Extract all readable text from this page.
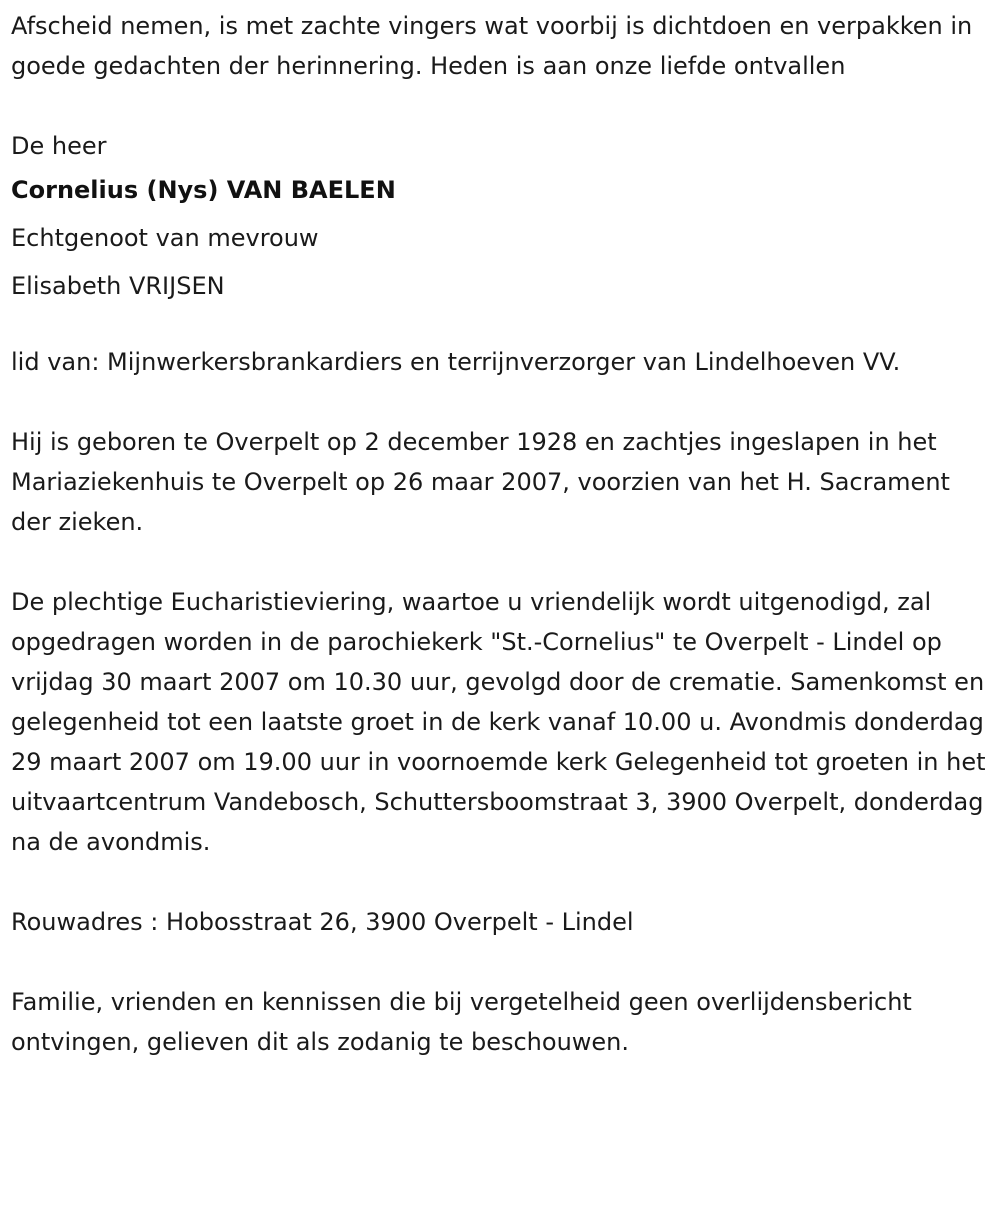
Afscheid nemen, is met zachte vingers wat voorbij is dichtdoen en verpakken in goede gedachten der herinnering. Heden is aan onze liefde ontvallen

De heer
Cornelius (Nys) VAN BAELEN
Echtgenoot van mevrouw
Elisabeth VRIJSEN

lid van: Mijnwerkersbrankardiers en terrijnverzorger van Lindelhoeven VV.

Hij is geboren te Overpelt op 2 december 1928 en zachtjes ingeslapen in het Mariaziekenhuis te Overpelt op 26 maar 2007, voorzien van het H. Sacrament der zieken.

De plechtige Eucharistieviering, waartoe u vriendelijk wordt uitgenodigd, zal opgedragen worden in de parochiekerk "St.-Cornelius" te Overpelt - Lindel op vrijdag 30 maart 2007 om 10.30 uur, gevolgd door de crematie. Samenkomst en gelegenheid tot een laatste groet in de kerk vanaf 10.00 u. Avondmis donderdag 29 maart 2007 om 19.00 uur in voornoemde kerk Gelegenheid tot groeten in het uitvaartcentrum Vandebosch, Schuttersboomstraat 3, 3900 Overpelt, donderdag na de avondmis.

Rouwadres : Hobosstraat 26, 3900 Overpelt - Lindel

Familie, vrienden en kennissen die bij vergetelheid geen overlijdensbericht ontvingen, gelieven dit als zodanig te beschouwen.
